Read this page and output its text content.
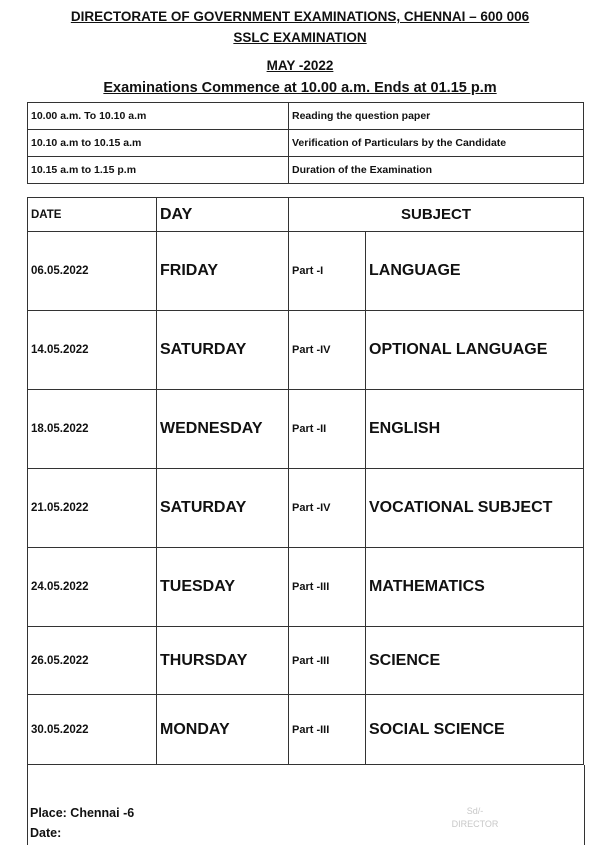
DIRECTORATE OF GOVERNMENT EXAMINATIONS, CHENNAI – 600 006
SSLC EXAMINATION
MAY -2022
Examinations Commence at 10.00 a.m. Ends at 01.15 p.m
10.00 a.m. To 10.10 a.m	Reading the question paper
10.10 a.m to 10.15 a.m	Verification of Particulars by the Candidate
10.15 a.m to 1.15 p.m	Duration of the Examination
DATE	DAY	SUBJECT	
06.05.2022	FRIDAY	Part -I	LANGUAGE
14.05.2022	SATURDAY	Part -IV	OPTIONAL LANGUAGE
18.05.2022	WEDNESDAY	Part -II	ENGLISH
21.05.2022	SATURDAY	Part -IV	VOCATIONAL SUBJECT
24.05.2022	TUESDAY	Part -III	MATHEMATICS
26.05.2022	THURSDAY	Part -III	SCIENCE
30.05.2022	MONDAY	Part -III	SOCIAL SCIENCE
Place: Chennai -6
Date:
Sd/-
DIRECTOR
